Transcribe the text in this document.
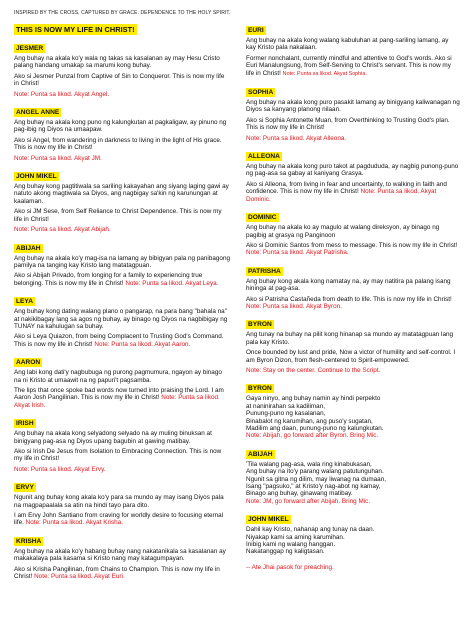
INSPIRED BY THE CROSS, CAPTURED BY GRACE. DEPENDENCE TO THE HOLY SPIRIT.
THIS IS NOW MY LIFE IN CHRIST!
JESMER

Ang buhay na akala ko'y wala ng takas sa kasalanan ay may Hesu Cristo palang handang umakap sa marumi kong buhay.

Ako si Jesmer Punzal from Captive of Sin to Conqueror. This is now my life in Christ!

Note: Punta sa likod. Akyat Angel.

ANGEL ANNE

Ang buhay na akala kong puno ng kalungkutan at pagkaligaw, ay pinuno ng pag-ibig ng Diyos na umaapaw.

Ako si Angel, from wandering in darkness to living in the light of His grace. This is now my life in Christ!

Note: Punta sa likod. Akyat JM.

JOHN MIKEL

Ang buhay kong pagtitiwala sa sariling kakayahan ang siyang laging gawi ay natuto akong magtiwala sa Diyos, ang nagbigay sa'kin ng karunungan at kaalaman.

Ako si JM Sese, from Self Reliance to Christ Dependence. This is now my life in Christ!

Note: Punta sa likod. Akyat Abijah.

ABIJAH

Ang buhay na akala ko'y mag-isa na lamang ay bibigyan pala ng panibagong pamilya na tanging kay Kristo lang matatagpuan.

Ako si Abijah Privado, from longing for a family to experiencing true belonging. This is now my life in Christ! Note: Punta sa likod. Akyat Leya.

LEYA

Ang buhay kong dating walang plano o pangarap, na para bang "bahala na" at nakikibagay lang sa agos ng buhay, ay binago ng Diyos na nagbibigay ng TUNAY na kahulugan sa buhay.

Ako si Leya Quiazon, from being Complacent to Trusting God's Command. This is now my life in Christ! Note: Punta sa likod. Akyat Aaron.

AARON

Ang labi kong dati'y nagbubuga ng purong pagmumura, ngayon ay binago na ni Kristo at umaawit na ng papuri't pagsamba.

The lips that once spoke bad words now turned into praising the Lord. I am Aaron Josh Pangilinan. This is now my life in Christ! Note: Punta sa likod. Akyat Irish.

IRISH

Ang buhay na akala kong selyadong selyado na ay muling binuksan at binigyang pag-asa ng Diyos upang bagubin at gawing matibay.

Ako si Irish De Jesus from Isolation to Embracing Connection. This is now my life in Christ!

Note: Punta sa likod. Akyat Ervy.

ERVY

Ngunit ang buhay kong akala ko'y para sa mundo ay may isang Diyos pala na magpapaalala sa atin na hindi tayo para dito.

I am Ervy John Santiano from craving for worldly desire to focusing eternal life. Note: Punta sa likod. Akyat Krisha.

KRISHA

Ang buhay na akala ko'y habang buhay nang nakatanikala sa kasalanan ay makakalaya pala kasama si Kristo nang may katagumpayan.

Ako si Krisha Pangilinan, from Chains to Champion. This is now my life in Christ! Note: Punta sa likod. Akyat Euri.

EURI

Ang buhay na akala kong walang kabuluhan at pang-sariling lamang, ay kay Kristo pala nakalaan.

Former nonchalant, currently mindful and attentive to God's words. Ako si Euri Manalungsung, from Self-Serving to Christ's servant. This is now my life in Christ! Note: Punta sa likod. Akyat Sophia.

SOPHIA

Ang buhay na akala kong puro pasakit lamang ay binigyang kaliwanagan ng Diyos sa kanyang planong nilaan.

Ako si Sophia Antonette Muan, from Overthinking to Trusting God's plan. This is now my life in Christ!

Note: Punta sa likod. Akyat Alleona.

ALLEONA

Ang buhay na akala kong puro takot at pagdududa, ay nagbig punong-puno ng pag-asa sa gabay at kaniyang Grasya.

Ako si Alleona, from living in fear and uncertainty, to walking in faith and confidence. This is now my life in Christ! Note: Punta sa likod. Akyat Dominic.

DOMINIC

Ang buhay na akala ko ay magulo at walang direksyon, ay binago ng pagibig at grasya ng Panginoon

Ako si Dominic Santos from mess to message. This is now my life in Christ! Note: Punta sa likod. Akyat Patrisha.

PATRISHA

Ang buhay kong akala kong namatay na, ay may natitira pa palang isang hininga at pag-asa.

Ako si Patrisha Castañeda from death to life. This is now my life in Christ! Note: Punta sa likod. Akyat Byron.

BYRON

Ang tunay na buhay na pilit kong hinanap sa mundo ay matatagpuan lang pala kay Kristo.

Once bounded by lust and pride, Now a victor of humility and self-control. I am Byron Dizon, from flesh-centered to Spirit-empowered.

Note: Stay on the center. Continue to the Script.

BYRON

Gaya ninyo, ang buhay namin ay hindi perpekto

at naninirahan sa kadiliman,

Punung-puno ng kasalanan,

Binabalot ng karumihan, ang puso'y sugatan,

Madilim ang daan, punung-puno ng kalungkutan.

Note: Abijah, go forward after Byron. Bring Mic.

ABIJAH

'Tila walang pag-asa, wala ring kinabukasan,

Ang buhay na ito'y parang walang patutunguhan.

Ngunit sa gitna ng dilim, may liwanag na dumaan,

Isang "pagsuko," at Kristo'y nag-abot ng kamay,

Binago ang buhay, ginawang matibay.

Note: JM, go forward after Abijah. Bring Mic.

JOHN MIKEL

Dahil kay Kristo, nahanap ang tunay na daan.

Niyakap kami sa aming karumihan.

Inibig kami ng walang hanggan.

Nakatanggap ng kaligtasan.

-- Ate Jhai pasok for preaching.
